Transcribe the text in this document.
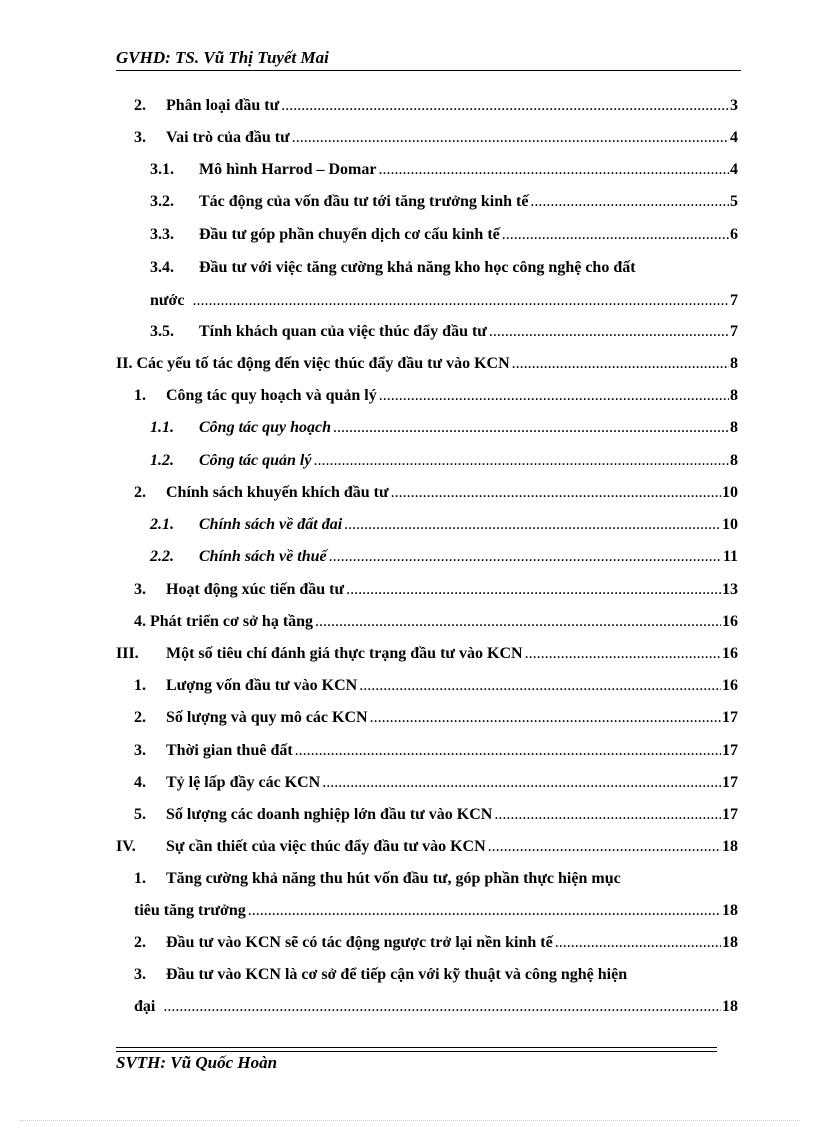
GVHD: TS. Vũ Thị Tuyết Mai
2.	Phân loại đầu tư .....	3
3.	Vai trò của đầu tư .....	4
3.1.	Mô hình Harrod – Domar .....	4
3.2.	Tác động của vốn đầu tư tới tăng trưởng kinh tế .....	5
3.3.	Đầu tư góp phần chuyển dịch cơ cấu kinh tế .....	6
3.4. Đầu tư với việc tăng cường khả năng kho học công nghệ cho đất
nước .....	7
3.5.	Tính khách quan của việc thúc đẩy đầu tư .....	7
II. Các yếu tố tác động đến việc thúc đẩy đầu tư vào KCN .....	8
1.	Công tác quy hoạch và quản lý .....	8
1.1.	Công tác quy hoạch .....	8
1.2.	Công tác quản lý .....	8
2.	Chính sách khuyến khích đầu tư .....	10
2.1.	Chính sách về đất đai .....	10
2.2.	Chính sách về thuế .....	11
3.	Hoạt động xúc tiến đầu tư .....	13
4. Phát triển cơ sở hạ tầng .....	16
III.	Một số tiêu chí đánh giá thực trạng đầu tư vào KCN .....	16
1.	Lượng vốn đầu tư vào KCN .....	16
2.	Số lượng và quy mô các KCN .....	17
3.	Thời gian thuê đất .....	17
4.	Tỷ lệ lấp đầy các KCN .....	17
5.	Số lượng các doanh nghiệp lớn đầu tư vào KCN .....	17
IV.	Sự cần thiết của việc thúc đẩy đầu tư vào KCN .....	18
1. Tăng cường khả năng thu hút vốn đầu tư, góp phần thực hiện mục
tiêu tăng trưởng .....	18
2.	Đầu tư vào KCN sẽ có tác động ngược trở lại nền kinh tế .....	18
3. Đầu tư vào KCN là cơ sở để tiếp cận với kỹ thuật và công nghệ hiện
đại .....	18
SVTH: Vũ Quốc Hoàn
